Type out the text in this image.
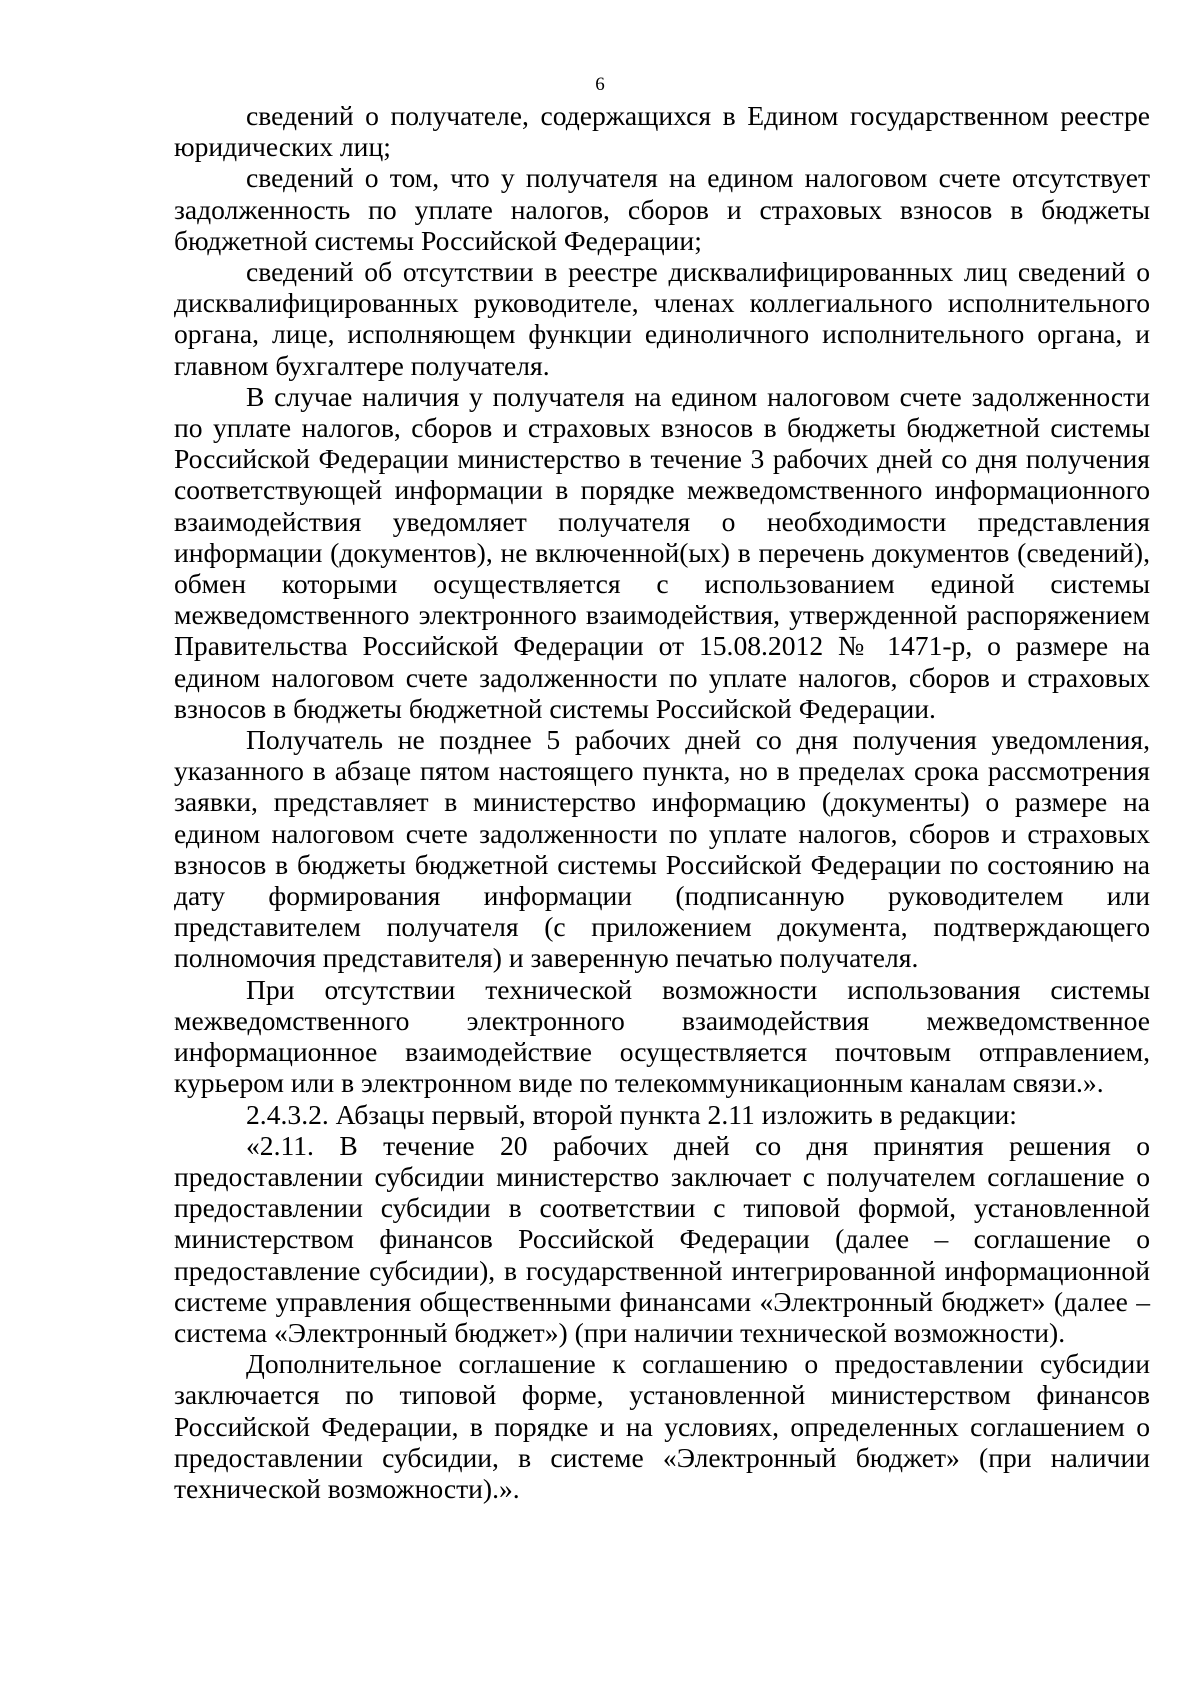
6

сведений о получателе, содержащихся в Едином государственном реестре юридических лиц;

сведений о том, что у получателя на едином налоговом счете отсутствует задолженность по уплате налогов, сборов и страховых взносов в бюджеты бюджетной системы Российской Федерации;

сведений об отсутствии в реестре дисквалифицированных лиц сведений о дисквалифицированных руководителе, членах коллегиального исполнительного органа, лице, исполняющем функции единоличного исполнительного органа, и главном бухгалтере получателя.

В случае наличия у получателя на едином налоговом счете задолженности по уплате налогов, сборов и страховых взносов в бюджеты бюджетной системы Российской Федерации министерство в течение 3 рабочих дней со дня получения соответствующей информации в порядке межведомственного информационного взаимодействия уведомляет получателя о необходимости представления информации (документов), не включенной(ых) в перечень документов (сведений), обмен которыми осуществляется с использованием единой системы межведомственного электронного взаимодействия, утвержденной распоряжением Правительства Российской Федерации от 15.08.2012 № 1471-р, о размере на едином налоговом счете задолженности по уплате налогов, сборов и страховых взносов в бюджеты бюджетной системы Российской Федерации.

Получатель не позднее 5 рабочих дней со дня получения уведомления, указанного в абзаце пятом настоящего пункта, но в пределах срока рассмотрения заявки, представляет в министерство информацию (документы) о размере на едином налоговом счете задолженности по уплате налогов, сборов и страховых взносов в бюджеты бюджетной системы Российской Федерации по состоянию на дату формирования информации (подписанную руководителем или представителем получателя (с приложением документа, подтверждающего полномочия представителя) и заверенную печатью получателя.

При отсутствии технической возможности использования системы межведомственного электронного взаимодействия межведомственное информационное взаимодействие осуществляется почтовым отправлением, курьером или в электронном виде по телекоммуникационным каналам связи.».

2.4.3.2. Абзацы первый, второй пункта 2.11 изложить в редакции:

«2.11. В течение 20 рабочих дней со дня принятия решения о предоставлении субсидии министерство заключает с получателем соглашение о предоставлении субсидии в соответствии с типовой формой, установленной министерством финансов Российской Федерации (далее – соглашение о предоставление субсидии), в государственной интегрированной информационной системе управления общественными финансами «Электронный бюджет» (далее – система «Электронный бюджет») (при наличии технической возможности).

Дополнительное соглашение к соглашению о предоставлении субсидии заключается по типовой форме, установленной министерством финансов Российской Федерации, в порядке и на условиях, определенных соглашением о предоставлении субсидии, в системе «Электронный бюджет» (при наличии технической возможности).».
